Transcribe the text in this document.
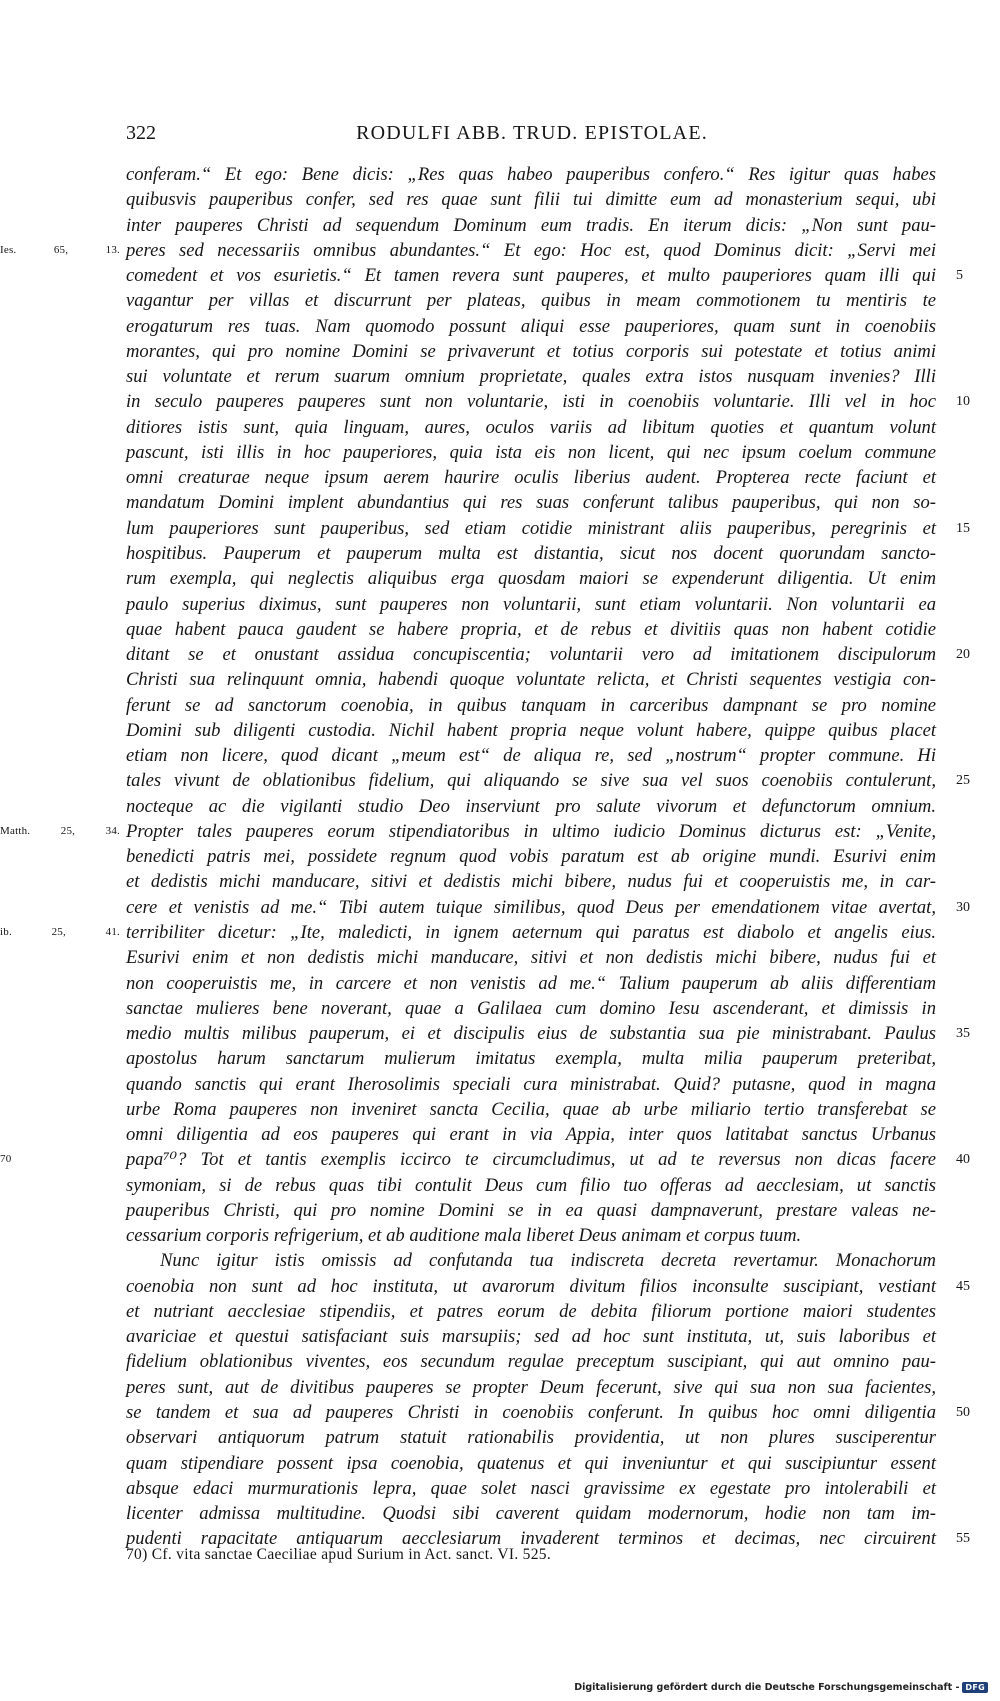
322	RODULFI ABB. TRUD. EPISTOLAE.
conferam.“ Et ego: Bene dicis: „Res quas habeo pauperibus confero.“ Res igitur quas habes
quibusvis pauperibus confer, sed res quae sunt filii tui dimitte eum ad monasterium sequi, ubi
inter pauperes Christi ad sequendum Dominum eum tradis. En iterum dicis: „Non sunt pau-
peres sed necessariis omnibus abundantes.“ Et ego: Hoc est, quod Dominus dicit: „Servi mei
Ies. 65, 13.
comedent et vos esurietis.“ Et tamen revera sunt pauperes, et multo pauperiores quam illi qui 5
vagantur per villas et discurrunt per plateas, quibus in meam commotionem tu mentiris te
erogaturum res tuas. Nam quomodo possunt aliqui esse pauperiores, quam sunt in coenobiis
morantes, qui pro nomine Domini se privaverunt et totius corporis sui potestate et totius animi
sui voluntate et rerum suarum omnium proprietate, quales extra istos nusquam invenies? Illi
in seculo pauperes pauperes sunt non voluntarie, isti in coenobiis voluntarie. Illi vel in hoc 10
ditiores istis sunt, quia linguam, aures, oculos variis ad libitum quoties et quantum volunt
pascunt, isti illis in hoc pauperiores, quia ista eis non licent, qui nec ipsum coelum commune
omni creaturae neque ipsum aerem haurire oculis liberius audent. Propterea recte faciunt et
mandatum Domini implent abundantius qui res suas conferunt talibus pauperibus, qui non so-
lum pauperiores sunt pauperibus, sed etiam cotidie ministrant aliis pauperibus, peregrinis et 15
hospitibus. Pauperum et pauperum multa est distantia, sicut nos docent quorundam sancto-
rum exempla, qui neglectis aliquibus erga quosdam maiori se expenderunt diligentia. Ut enim
paulo superius diximus, sunt pauperes non voluntarii, sunt etiam voluntarii. Non voluntarii ea
quae habent pauca gaudent se habere propria, et de rebus et divitiis quas non habent cotidie
ditant se et onustant assidua concupiscentia; voluntarii vero ad imitationem discipulorum 20
Christi sua relinquunt omnia, habendi quoque voluntate relicta, et Christi sequentes vestigia con-
ferunt se ad sanctorum coenobia, in quibus tanquam in carceribus dampnant se pro nomine
Domini sub diligenti custodia. Nichil habent propria neque volunt habere, quippe quibus placet
etiam non licere, quod dicant „meum est“ de aliqua re, sed „nostrum“ propter commune. Hi
tales vivunt de oblationibus fidelium, qui aliquando se sive sua vel suos coenobiis contulerunt, 25
nocteque ac die vigilanti studio Deo inserviunt pro salute vivorum et defunctorum omnium.
Propter tales pauperes eorum stipendiatoribus in ultimo iudicio Dominus dicturus est: „Venite,
Matth. 25, 34.
benedicti patris mei, possidete regnum quod vobis paratum est ab origine mundi. Esurivi enim
et dedistis michi manducare, sitivi et dedistis michi bibere, nudus fui et cooperuistis me, in car-
cere et venistis ad me.“ Tibi autem tuique similibus, quod Deus per emendationem vitae avertat, 30
terribiliter dicetur: „Ite, maledicti, in ignem aeternum qui paratus est diabolo et angelis eius.
ib. 25, 41.
Esurivi enim et non dedistis michi manducare, sitivi et non dedistis michi bibere, nudus fui et
non cooperuistis me, in carcere et non venistis ad me.“ Talium pauperum ab aliis differentiam
sanctae mulieres bene noverant, quae a Galilaea cum domino Iesu ascenderant, et dimissis in
medio multis milibus pauperum, ei et discipulis eius de substantia sua pie ministrabant. Paulus 35
apostolus harum sanctarum mulierum imitatus exempla, multa milia pauperum preteribat,
quando sanctis qui erant Iherosolimis speciali cura ministrabat. Quid? putasne, quod in magna
urbe Roma pauperes non inveniret sancta Cecilia, quae ab urbe miliario tertio transferebat se
omni diligentia ad eos pauperes qui erant in via Appia, inter quos latitabat sanctus Urbanus
papa⁷⁰? Tot et tantis exemplis iccirco te circumcludimus, ut ad te reversus non dicas facere
70	40
symoniam, si de rebus quas tibi contulit Deus cum filio tuo offeras ad aecclesiam, ut sanctis
pauperibus Christi, qui pro nomine Domini se in ea quasi dampnaverunt, prestare valeas ne-
cessarium corporis refrigerium, et ab auditione mala liberet Deus animam et corpus tuum.
Nunc igitur istis omissis ad confutanda tua indiscreta decreta revertamur. Monachorum
coenobia non sunt ad hoc instituta, ut avarorum divitum filios inconsulte suscipiant, vestiant 45
et nutriant aecclesiae stipendiis, et patres eorum de debita filiorum portione maiori studentes
avariciae et questui satisfaciant suis marsupiis; sed ad hoc sunt instituta, ut, suis laboribus et
fidelium oblationibus viventes, eos secundum regulae preceptum suscipiant, qui aut omnino pau-
peres sunt, aut de divitibus pauperes se propter Deum fecerunt, sive qui sua non sua facientes,
se tandem et sua ad pauperes Christi in coenobiis conferunt. In quibus hoc omni diligentia 50
observari antiquorum patrum statuit rationabilis providentia, ut non plures susciperentur
quam stipendiare possent ipsa coenobia, quatenus et qui inveniuntur et qui suscipiuntur essent
absque edaci murmurationis lepra, quae solet nasci gravissime ex egestate pro intolerabili et
licenter admissa multitudine. Quodsi sibi caverent quidam modernorum, hodie non tam im-
pudenti rapacitate antiquarum aecclesiarum invaderent terminos et decimas, nec circuirent 55
70) Cf. vita sanctae Caeciliae apud Surium in Act. sanct. VI. 525.
Digitalisierung gefördert durch die Deutsche Forschungsgemeinschaft - DFG
